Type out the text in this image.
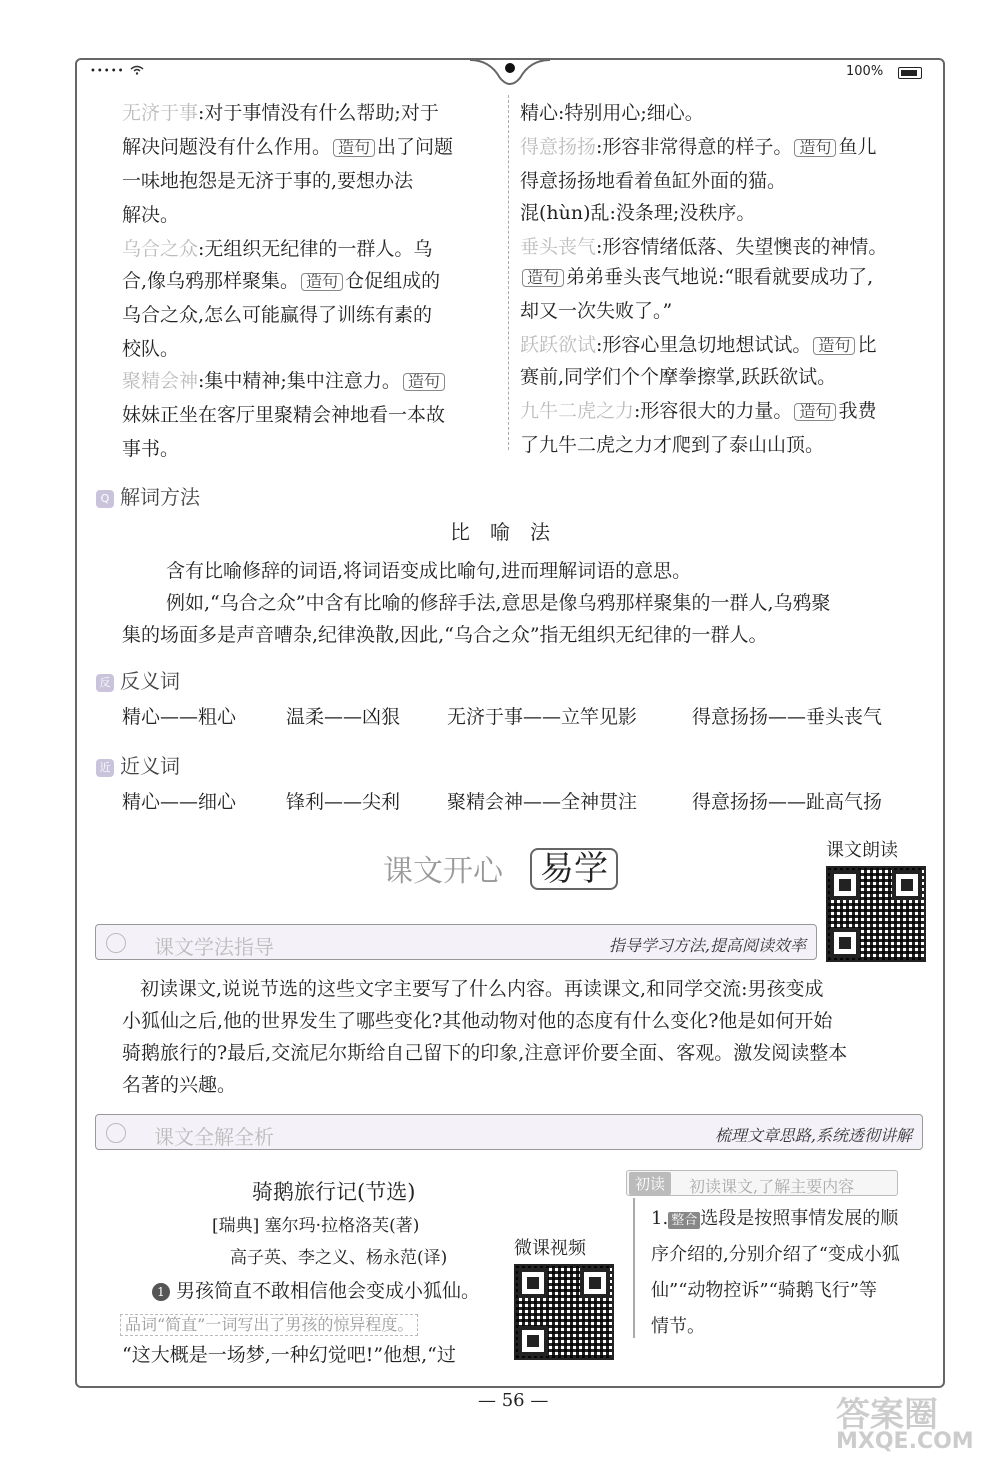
•••••	100%
无济于事:对于事情没有什么帮助;对于
解决问题没有什么作用。 造句 出了问题
一味地抱怨是无济于事的,要想办法
解决。
乌合之众:无组织无纪律的一群人。乌
合,像乌鸦那样聚集。 造句 仓促组成的
乌合之众,怎么可能赢得了训练有素的
校队。
聚精会神:集中精神;集中注意力。 造句
妹妹正坐在客厅里聚精会神地看一本故
事书。
精心:特别用心;细心。
得意扬扬:形容非常得意的样子。 造句 鱼儿
得意扬扬地看着鱼缸外面的猫。
混(hùn)乱:没条理;没秩序。
垂头丧气:形容情绪低落、失望懊丧的神情。
造句 弟弟垂头丧气地说:“眼看就要成功了,
却又一次失败了。”
跃跃欲试:形容心里急切地想试试。 造句 比
赛前,同学们个个摩拳擦掌,跃跃欲试。
九牛二虎之力:形容很大的力量。 造句 我费
了九牛二虎之力才爬到了泰山山顶。
Q 解词方法
比　喻　法
含有比喻修辞的词语,将词语变成比喻句,进而理解词语的意思。
例如,“乌合之众”中含有比喻的修辞手法,意思是像乌鸦那样聚集的一群人,乌鸦聚
集的场面多是声音嘈杂,纪律涣散,因此,“乌合之众”指无组织无纪律的一群人。
反 反义词
精心——粗心	温柔——凶狠 无济于事——立竿见影	得意扬扬——垂头丧气
近 近义词
精心——细心	锋利——尖利 聚精会神——全神贯注	得意扬扬——趾高气扬
课文开心 易学	课文朗读
课文学法指导	指导学习方法,提高阅读效率
初读课文,说说节选的这些文字主要写了什么内容。再读课文,和同学交流:男孩变成
小狐仙之后,他的世界发生了哪些变化?其他动物对他的态度有什么变化?他是如何开始
骑鹅旅行的?最后,交流尼尔斯给自己留下的印象,注意评价要全面、客观。激发阅读整本
名著的兴趣。
课文全解全析	梳理文章思路,系统透彻讲解
骑鹅旅行记(节选)
[瑞典] 塞尔玛·拉格洛芙(著)
高子英、李之义、杨永范(译)
1 男孩简直不敢相信他会变成小狐仙。
品词“简直”一词写出了男孩的惊异程度。
“这大概是一场梦,一种幻觉吧!”他想,“过
微课视频
初读	初读课文,了解主要内容
1. 整合 选段是按照事情发展的顺
序介绍的,分别介绍了“变成小狐
仙”“动物控诉”“骑鹅飞行”等
情节。
— 56 —	答案圈
MXQE.COM
